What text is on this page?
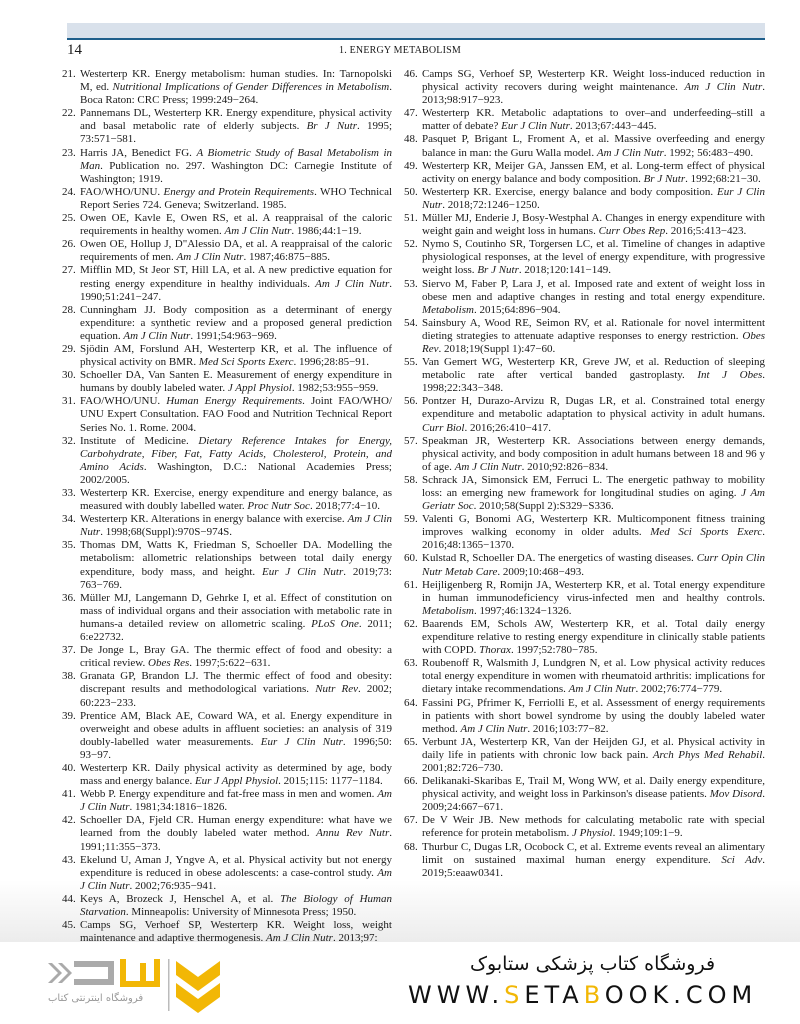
14	1. ENERGY METABOLISM
21. Westerterp KR. Energy metabolism: human studies. In: Tarnopolski M, ed. Nutritional Implications of Gender Differences in Metabolism. Boca Raton: CRC Press; 1999:249−264.
22. Pannemans DL, Westerterp KR. Energy expenditure, physical activity and basal metabolic rate of elderly subjects. Br J Nutr. 1995; 73:571−581.
23. Harris JA, Benedict FG. A Biometric Study of Basal Metabolism in Man. Publication no. 297. Washington DC: Carnegie Institute of Washington; 1919.
24. FAO/WHO/UNU. Energy and Protein Requirements. WHO Technical Report Series 724. Geneva; Switzerland. 1985.
25. Owen OE, Kavle E, Owen RS, et al. A reappraisal of the caloric requirements in healthy women. Am J Clin Nutr. 1986;44:1−19.
26. Owen OE, Hollup J, D"Alessio DA, et al. A reappraisal of the caloric requirements of men. Am J Clin Nutr. 1987;46:875−885.
27. Mifflin MD, St Jeor ST, Hill LA, et al. A new predictive equation for resting energy expenditure in healthy individuals. Am J Clin Nutr. 1990;51:241−247.
28. Cunningham JJ. Body composition as a determinant of energy expenditure: a synthetic review and a proposed general prediction equation. Am J Clin Nutr. 1991;54:963−969.
29. Sjödin AM, Forslund AH, Westerterp KR, et al. The influence of physical activity on BMR. Med Sci Sports Exerc. 1996;28:85−91.
30. Schoeller DA, Van Santen E. Measurement of energy expenditure in humans by doubly labeled water. J Appl Physiol. 1982;53:955−959.
31. FAO/WHO/UNU. Human Energy Requirements. Joint FAO/WHO/ UNU Expert Consultation. FAO Food and Nutrition Technical Report Series No. 1. Rome. 2004.
32. Institute of Medicine. Dietary Reference Intakes for Energy, Carbohydrate, Fiber, Fat, Fatty Acids, Cholesterol, Protein, and Amino Acids. Washington, D.C.: National Academies Press; 2002/2005.
33. Westerterp KR. Exercise, energy expenditure and energy balance, as measured with doubly labelled water. Proc Nutr Soc. 2018;77:4−10.
34. Westerterp KR. Alterations in energy balance with exercise. Am J Clin Nutr. 1998;68(Suppl):970S−974S.
35. Thomas DM, Watts K, Friedman S, Schoeller DA. Modelling the metabolism: allometric relationships between total daily energy expenditure, body mass, and height. Eur J Clin Nutr. 2019;73: 763−769.
36. Müller MJ, Langemann D, Gehrke I, et al. Effect of constitution on mass of individual organs and their association with metabolic rate in humans-a detailed review on allometric scaling. PLoS One. 2011; 6:e22732.
37. De Jonge L, Bray GA. The thermic effect of food and obesity: a critical review. Obes Res. 1997;5:622−631.
38. Granata GP, Brandon LJ. The thermic effect of food and obesity: discrepant results and methodological variations. Nutr Rev. 2002; 60:223−233.
39. Prentice AM, Black AE, Coward WA, et al. Energy expenditure in overweight and obese adults in affluent societies: an analysis of 319 doubly-labelled water measurements. Eur J Clin Nutr. 1996;50: 93−97.
40. Westerterp KR. Daily physical activity as determined by age, body mass and energy balance. Eur J Appl Physiol. 2015;115: 1177−1184.
41. Webb P. Energy expenditure and fat-free mass in men and women. Am J Clin Nutr. 1981;34:1816−1826.
42. Schoeller DA, Fjeld CR. Human energy expenditure: what have we learned from the doubly labeled water method. Annu Rev Nutr. 1991;11:355−373.
43. Ekelund U, Aman J, Yngve A, et al. Physical activity but not energy expenditure is reduced in obese adolescents: a case-control study. Am J Clin Nutr. 2002;76:935−941.
44. Keys A, Brozeck J, Henschel A, et al. The Biology of Human Starvation. Minneapolis: University of Minnesota Press; 1950.
45. Camps SG, Verhoef SP, Westerterp KR. Weight loss, weight maintenance and adaptive thermogenesis. Am J Clin Nutr. 2013;97:
46. Camps SG, Verhoef SP, Westerterp KR. Weight loss-induced reduction in physical activity recovers during weight maintenance. Am J Clin Nutr. 2013;98:917−923.
47. Westerterp KR. Metabolic adaptations to over–and underfeeding–still a matter of debate? Eur J Clin Nutr. 2013;67:443−445.
48. Pasquet P, Brigant L, Froment A, et al. Massive overfeeding and energy balance in man: the Guru Walla model. Am J Clin Nutr. 1992; 56:483−490.
49. Westerterp KR, Meijer GA, Janssen EM, et al. Long-term effect of physical activity on energy balance and body composition. Br J Nutr. 1992;68:21−30.
50. Westerterp KR. Exercise, energy balance and body composition. Eur J Clin Nutr. 2018;72:1246−1250.
51. Müller MJ, Enderie J, Bosy-Westphal A. Changes in energy expenditure with weight gain and weight loss in humans. Curr Obes Rep. 2016;5:413−423.
52. Nymo S, Coutinho SR, Torgersen LC, et al. Timeline of changes in adaptive physiological responses, at the level of energy expenditure, with progressive weight loss. Br J Nutr. 2018;120:141−149.
53. Siervo M, Faber P, Lara J, et al. Imposed rate and extent of weight loss in obese men and adaptive changes in resting and total energy expenditure. Metabolism. 2015;64:896−904.
54. Sainsbury A, Wood RE, Seimon RV, et al. Rationale for novel intermittent dieting strategies to attenuate adaptive responses to energy restriction. Obes Rev. 2018;19(Suppl 1):47−60.
55. Van Gemert WG, Westerterp KR, Greve JW, et al. Reduction of sleeping metabolic rate after vertical banded gastroplasty. Int J Obes. 1998;22:343−348.
56. Pontzer H, Durazo-Arvizu R, Dugas LR, et al. Constrained total energy expenditure and metabolic adaptation to physical activity in adult humans. Curr Biol. 2016;26:410−417.
57. Speakman JR, Westerterp KR. Associations between energy demands, physical activity, and body composition in adult humans between 18 and 96 y of age. Am J Clin Nutr. 2010;92:826−834.
58. Schrack JA, Simonsick EM, Ferruci L. The energetic pathway to mobility loss: an emerging new framework for longitudinal studies on aging. J Am Geriatr Soc. 2010;58(Suppl 2):S329−S336.
59. Valenti G, Bonomi AG, Westerterp KR. Multicomponent fitness training improves walking economy in older adults. Med Sci Sports Exerc. 2016;48:1365−1370.
60. Kulstad R, Schoeller DA. The energetics of wasting diseases. Curr Opin Clin Nutr Metab Care. 2009;10:468−493.
61. Heijligenberg R, Romijn JA, Westerterp KR, et al. Total energy expenditure in human immunodeficiency virus-infected men and healthy controls. Metabolism. 1997;46:1324−1326.
62. Baarends EM, Schols AW, Westerterp KR, et al. Total daily energy expenditure relative to resting energy expenditure in clinically stable patients with COPD. Thorax. 1997;52:780−785.
63. Roubenoff R, Walsmith J, Lundgren N, et al. Low physical activity reduces total energy expenditure in women with rheumatoid arthritis: implications for dietary intake recommendations. Am J Clin Nutr. 2002;76:774−779.
64. Fassini PG, Pfrimer K, Ferriolli E, et al. Assessment of energy requirements in patients with short bowel syndrome by using the doubly labeled water method. Am J Clin Nutr. 2016;103:77−82.
65. Verbunt JA, Westerterp KR, Van der Heijden GJ, et al. Physical activity in daily life in patients with chronic low back pain. Arch Phys Med Rehabil. 2001;82:726−730.
66. Delikanaki-Skaribas E, Trail M, Wong WW, et al. Daily energy expenditure, physical activity, and weight loss in Parkinson's disease patients. Mov Disord. 2009;24:667−671.
67. De V Weir JB. New methods for calculating metabolic rate with special reference for protein metabolism. J Physiol. 1949;109:1−9.
68. Thurbur C, Dugas LR, Ocobock C, et al. Extreme events reveal an alimentary limit on sustained maximal human energy expenditure. Sci Adv. 2019;5:eaaw0341.
فروشگاه اینترنتی کتاب
فروشگاه کتاب پزشکی ستابوک
WWW.SETABOOK.COM
